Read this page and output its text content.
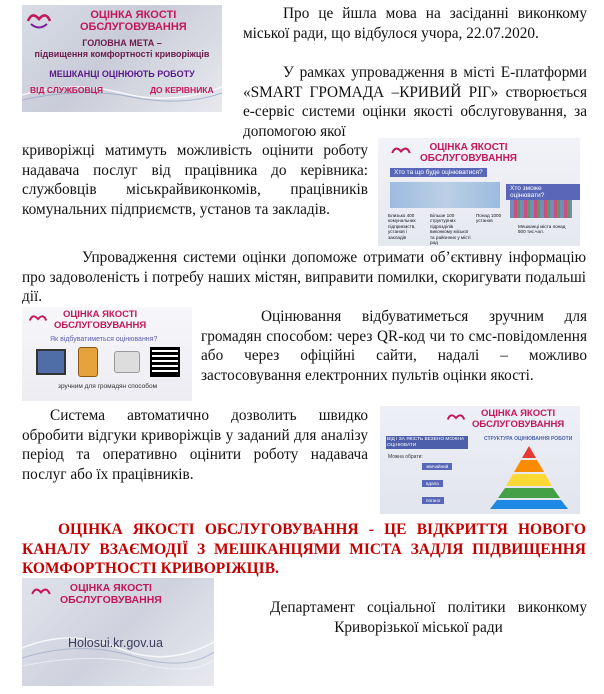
ОЦІНКА ЯКОСТІ
ОБСЛУГОВУВАННЯ
ГОЛОВНА МЕТА –
підвищення комфортності криворіжців
МЕШКАНЦІ ОЦІНЮЮТЬ РОБОТУ
ВІД СЛУЖБОВЦЯ	ДО КЕРІВНИКА

Про це йшла мова на засіданні виконкому міської ради, що відбулося учора, 22.07.2020.

У рамках упровадження в місті Е-платформи «SMART ГРОМАДА –КРИВИЙ РІГ» створюється е-сервіс системи оцінки якості обслуговування, за допомогою якої

ОЦІНКА ЯКОСТІ
ОБСЛУГОВУВАННЯ
Хто та що буде оцінюватися?
Хто зможе оцінювати?
Близько 400 комунальних підприємств, установ і закладів
Більше 100 структурних підрозділів виконкому міської та районних у місті рад
Понад 1000 установ
Мешканці міста понад 500 тис.чол.

криворіжці матимуть можливість оцінити роботу надавача послуг від працівника до керівника: службовців міськрайвиконкомів, працівників комунальних підприємств, установ та закладів.

Упровадження системи оцінки допоможе отримати об’єктивну інформацію про задоволеність і потребу наших містян, виправити помилки, скоригувати подальші дії.

ОЦІНКА ЯКОСТІ
ОБСЛУГОВУВАННЯ
Як відбуватиметься оцінювання?
зручним для громадян способом

Оцінювання відбуватиметься зручним для громадян способом: через QR-код чи то смс-повідомлення або через офіційні сайти, надалі – можливо застосовування електронних пультів оцінки якості.

Система автоматично дозволить швидко обробити відгуки криворіжців у заданий для аналізу період та оперативно оцінити роботу надавача послуг або їх працівників.

ОЦІНКА ЯКОСТІ
ОБСЛУГОВУВАННЯ
ВІД І ЗА ЯКІСТЬ ВЕЗЕНО МОЖНА ОЦІНЮВАТИ
Можна обрати:
звичайний
вдала
погано
СТРУКТУРА ОЦІНЮВАННЯ РОБОТИ

ОЦІНКА ЯКОСТІ ОБСЛУГОВУВАННЯ - ЦЕ ВІДКРИТТЯ НОВОГО КАНАЛУ ВЗАЄМОДІЇ З МЕШКАНЦЯМИ МІСТА ЗАДЛЯ ПІДВИЩЕННЯ КОМФОРТНОСТІ КРИВОРІЖЦІВ.

ОЦІНКА ЯКОСТІ
ОБСЛУГОВУВАННЯ
Holosui.kr.gov.ua

Департамент соціальної політики виконкому Криворізької міської ради
